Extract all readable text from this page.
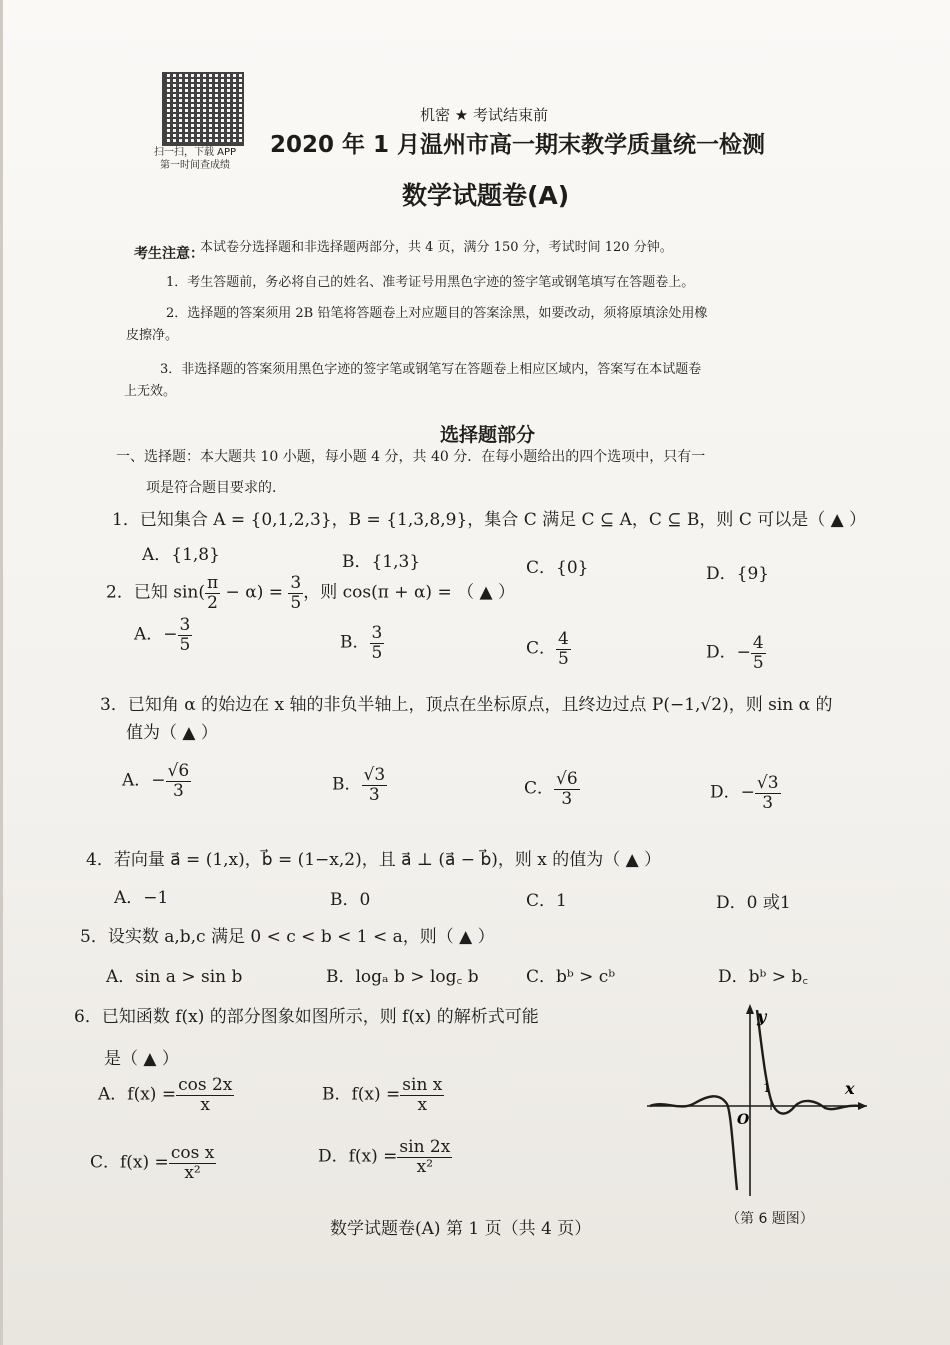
扫一扫，下载 APP
第一时间查成绩
机密 ★ 考试结束前
2020 年 1 月温州市高一期末教学质量统一检测
数学试题卷(A)
本试卷分选择题和非选择题两部分，共 4 页，满分 150 分，考试时间 120 分钟。
考生注意：
1．考生答题前，务必将自己的姓名、准考证号用黑色字迹的签字笔或钢笔填写在答题卷上。
2．选择题的答案须用 2B 铅笔将答题卷上对应题目的答案涂黑，如要改动，须将原填涂处用橡
皮擦净。
3．非选择题的答案须用黑色字迹的签字笔或钢笔写在答题卷上相应区域内，答案写在本试题卷
上无效。
选择题部分
一、选择题：本大题共 10 小题，每小题 4 分，共 40 分．在每小题给出的四个选项中，只有一
项是符合题目要求的．
1．已知集合 A = {0,1,2,3}，B = {1,3,8,9}，集合 C 满足 C ⊆ A，C ⊆ B，则 C 可以是（ ▲ ）
A．{1,8}	B．{1,3}	C．{0}	D．{9}
2．已知 $\sin( \frac{\pi}{2} - \alpha) = \frac{3}{5}$ ，则 cos(π + α) = （ ▲ ）
A．− $\frac{3}{5}$	B． $\frac{3}{5}$	C． $\frac{4}{5}$	D．− $\frac{4}{5}$
3．已知角 α 的始边在 x 轴的非负半轴上，顶点在坐标原点，且终边过点 P(−1,√2)，则 sin α 的
值为（ ▲ ）
A．− $\frac{√6}{3}$	B． $\frac{√3}{3}$	C． $\frac{√6}{3}$	D．− $\frac{√3}{3}$
4．若向量 a⃗ = (1,x)，b⃗ = (1−x,2)，且 a⃗ ⊥ (a⃗ − b⃗)，则 x 的值为（ ▲ ）
A．−1	B．0	C．1	D．0 或1
5．设实数 a,b,c 满足 0 < c < b < 1 < a，则（ ▲ ）
A．sin a > sin b	B．logₐ b > log꜀ b	C．bᵇ > cᵇ	D．bᵇ > b꜀
6．已知函数 f(x) 的部分图象如图所示，则 f(x) 的解析式可能
是（ ▲ ）
A．$f(x) = \frac{\cos 2x}{x}$	B．$f(x) = \frac{\text{sin x}}{x}$
C．$f(x) = \frac{\text{cos x}}{\text{x²}}$	D．$f(x) = \frac{\sin 2x}{\text{x²}}$
y
x
O
1
（第 6 题图）
数学试题卷(A) 第 1 页（共 4 页）
